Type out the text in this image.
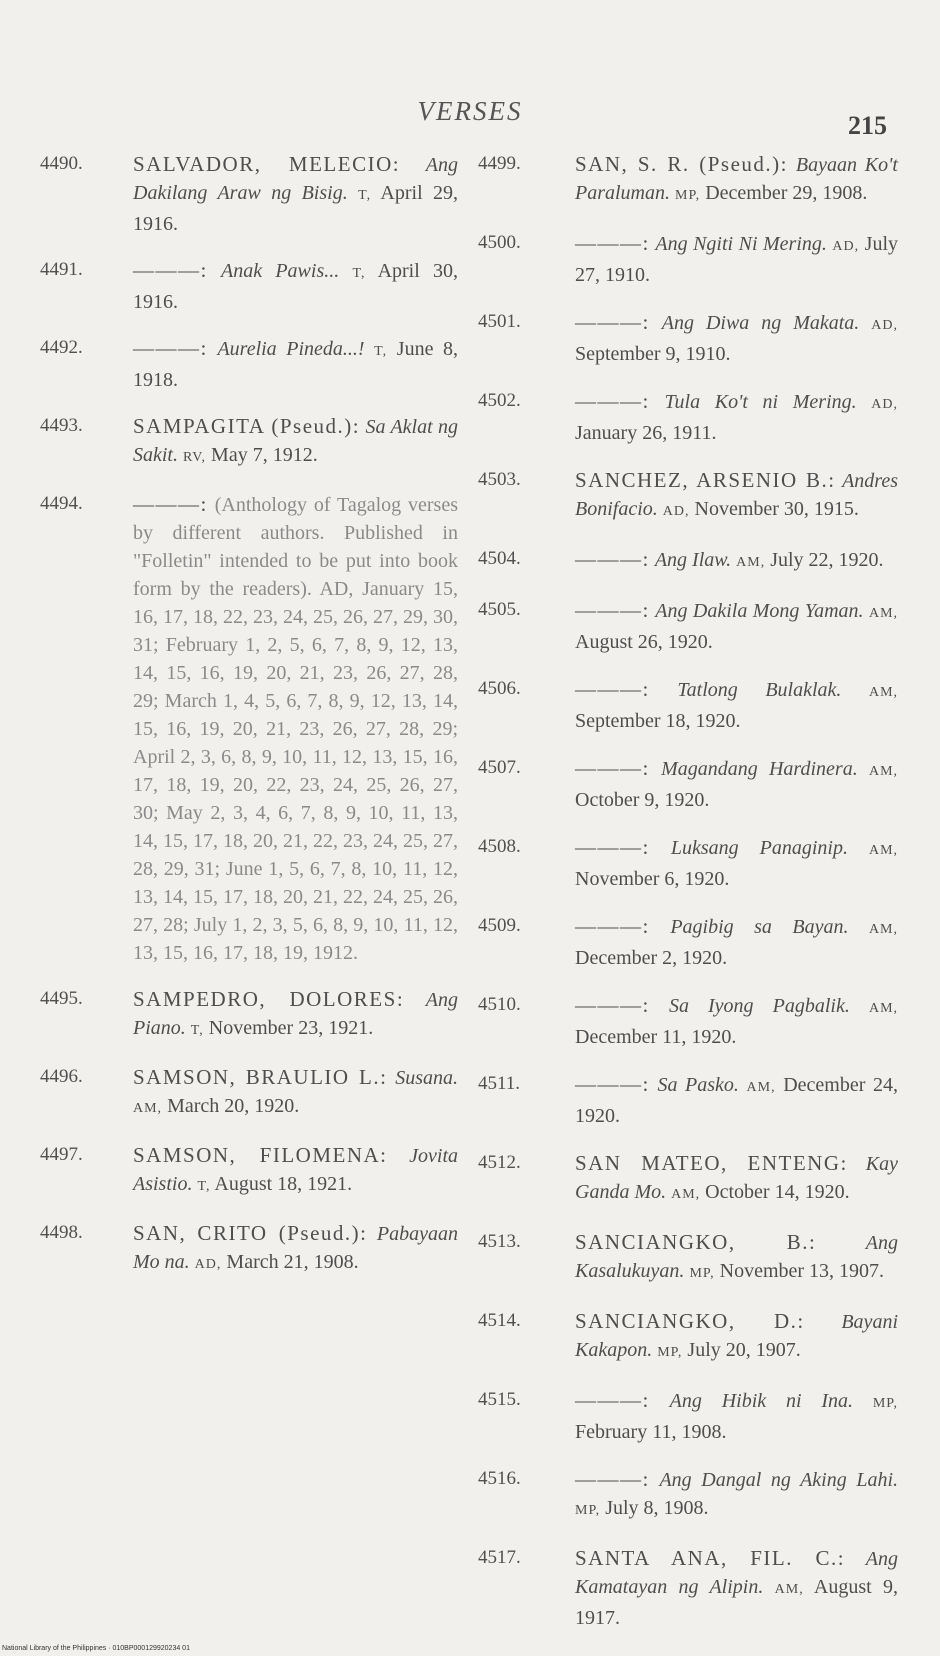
VERSES	215
4490. SALVADOR, MELECIO: Ang Dakilang Araw ng Bisig. T, April 29, 1916.
4491. ———: Anak Pawis... T, April 30, 1916.
4492. ———: Aurelia Pineda...! T, June 8, 1918.
4493. SAMPAGITA (Pseud.): Sa Aklat ng Sakit. RV, May 7, 1912.
4494. ———: (Anthology of Tagalog verses by different authors. Published in "Folletin" intended to be put into book form by the readers). AD, January 15, 16, 17, 18, 22, 23, 24, 25, 26, 27, 29, 30, 31; February 1, 2, 5, 6, 7, 8, 9, 12, 13, 14, 15, 16, 19, 20, 21, 23, 26, 27, 28, 29; March 1, 4, 5, 6, 7, 8, 9, 12, 13, 14, 15, 16, 19, 20, 21, 23, 26, 27, 28, 29; April 2, 3, 6, 8, 9, 10, 11, 12, 13, 15, 16, 17, 18, 19, 20, 22, 23, 24, 25, 26, 27, 30; May 2, 3, 4, 6, 7, 8, 9, 10, 11, 13, 14, 15, 17, 18, 20, 21, 22, 23, 24, 25, 27, 28, 29, 31; June 1, 5, 6, 7, 8, 10, 11, 12, 13, 14, 15, 17, 18, 20, 21, 22, 24, 25, 26, 27, 28; July 1, 2, 3, 5, 6, 8, 9, 10, 11, 12, 13, 15, 16, 17, 18, 19, 1912.
4495. SAMPEDRO, DOLORES: Ang Piano. T, November 23, 1921.
4496. SAMSON, BRAULIO L.: Susana. AM, March 20, 1920.
4497. SAMSON, FILOMENA: Jovita Asistio. T, August 18, 1921.
4498. SAN, CRITO (Pseud.): Pabayaan Mo na. AD, March 21, 1908.
4499.	SAN, S. R. (Pseud.): Bayaan Ko't Paraluman. MP, December 29, 1908.
4500.	———: Ang Ngiti Ni Mering. AD, July 27, 1910.
4501.	———: Ang Diwa ng Makata. AD, September 9, 1910.
4502.	———: Tula Ko't ni Mering. AD, January 26, 1911.
4503.	SANCHEZ, ARSENIO B.: Andres Bonifacio. AD, November 30, 1915.
4504.	———: Ang Ilaw. AM, July 22, 1920.
4505.	———: Ang Dakila Mong Yaman. AM, August 26, 1920.
4506.	———: Tatlong Bulaklak. AM, September 18, 1920.
4507.	———: Magandang Hardinera. AM, October 9, 1920.
4508.	———: Luksang Panaginip. AM, November 6, 1920.
4509.	———: Pagibig sa Bayan. AM, December 2, 1920.
4510.	———: Sa Iyong Pagbalik. AM, December 11, 1920.
4511.	———: Sa Pasko. AM, December 24, 1920.
4512.	SAN MATEO, ENTENG: Kay Ganda Mo. AM, October 14, 1920.
4513.	SANCIANGKO, B.: Ang Kasalukuyan. MP, November 13, 1907.
4514.	SANCIANGKO, D.: Bayani Kakapon. MP, July 20, 1907.
4515.	———: Ang Hibik ni Ina. MP, February 11, 1908.
4516.	———: Ang Dangal ng Aking Lahi. MP, July 8, 1908.
4517.	SANTA ANA, FIL. C.: Ang Kamatayan ng Alipin. AM, August 9, 1917.
National Library of the Philippines · 010BP000129920234 01
